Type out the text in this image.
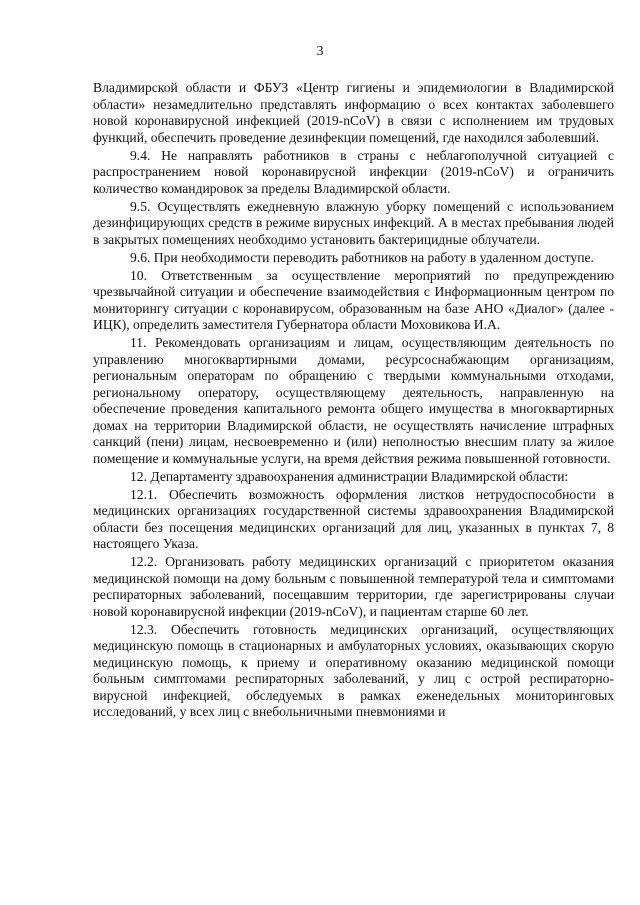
3

Владимирской области и ФБУЗ «Центр гигиены и эпидемиологии в Владимирской области» незамедлительно представлять информацию о всех контактах заболевшего новой коронавирусной инфекцией (2019-nCoV) в связи с исполнением им трудовых функций, обеспечить проведение дезинфекции помещений, где находился заболевший.

9.4. Не направлять работников в страны с неблагополучной ситуацией с распространением новой коронавирусной инфекции (2019-nCoV) и ограничить количество командировок за пределы Владимирской области.

9.5. Осуществлять ежедневную влажную уборку помещений с использованием дезинфицирующих средств в режиме вирусных инфекций. А в местах пребывания людей в закрытых помещениях необходимо установить бактерицидные облучатели.

9.6. При необходимости переводить работников на работу в удаленном доступе.

10. Ответственным за осуществление мероприятий по предупреждению чрезвычайной ситуации и обеспечение взаимодействия с Информационным центром по мониторингу ситуации с коронавирусом, образованным на базе АНО «Диалог» (далее - ИЦК), определить заместителя Губернатора области Моховикова И.А.

11. Рекомендовать организациям и лицам, осуществляющим деятельность по управлению многоквартирными домами, ресурсоснабжающим организациям, региональным операторам по обращению с твердыми коммунальными отходами, региональному оператору, осуществляющему деятельность, направленную на обеспечение проведения капитального ремонта общего имущества в многоквартирных домах на территории Владимирской области, не осуществлять начисление штрафных санкций (пени) лицам, несвоевременно и (или) неполностью внесшим плату за жилое помещение и коммунальные услуги, на время действия режима повышенной готовности.

12. Департаменту здравоохранения администрации Владимирской области:

12.1. Обеспечить возможность оформления листков нетрудоспособности в медицинских организациях государственной системы здравоохранения Владимирской области без посещения медицинских организаций для лиц, указанных в пунктах 7, 8 настоящего Указа.

12.2. Организовать работу медицинских организаций с приоритетом оказания медицинской помощи на дому больным с повышенной температурой тела и симптомами респираторных заболеваний, посещавшим территории, где зарегистрированы случаи новой коронавирусной инфекции (2019-nCoV), и пациентам старше 60 лет.

12.3. Обеспечить готовность медицинских организаций, осуществляющих медицинскую помощь в стационарных и амбулаторных условиях, оказывающих скорую медицинскую помощь, к приему и оперативному оказанию медицинcкой помощи больным симптомами респираторных заболеваний, у лиц с острой респираторно-вирусной инфекцией, обследуемых в рамках еженедельных мониторинговых исследований, у всех лиц с внебольничными пневмониями и
